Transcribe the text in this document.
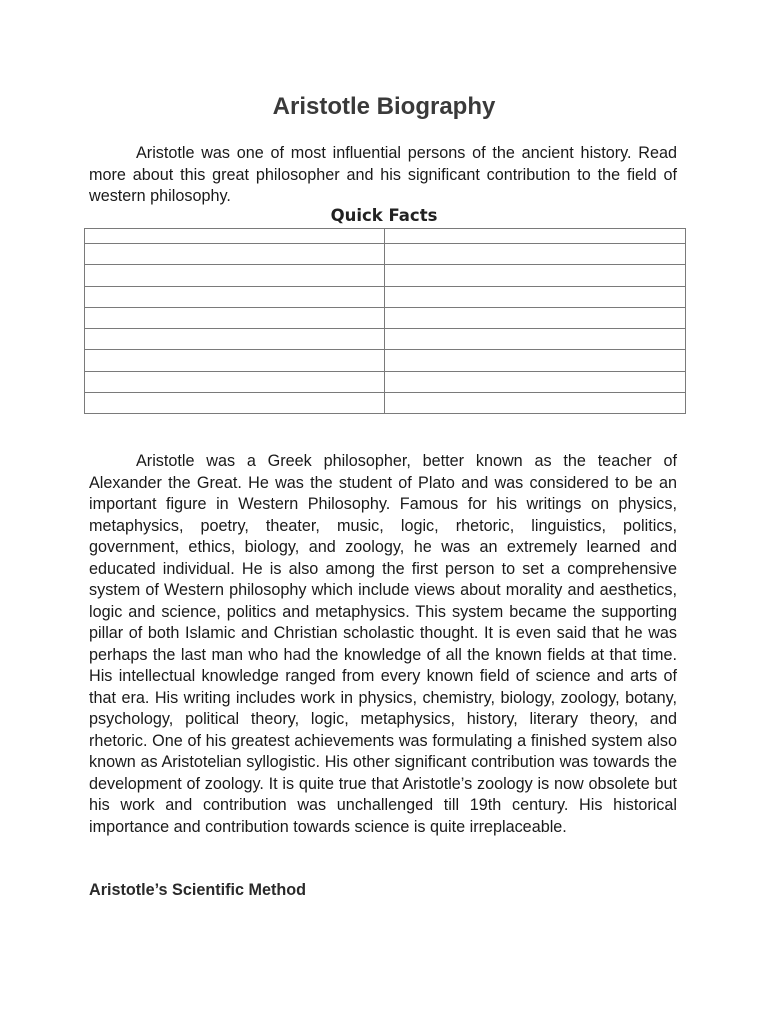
Aristotle Biography

Aristotle was one of most influential persons of the ancient history. Read more about this great philosopher and his significant contribution to the field of western philosophy.

Quick Facts

Aristotle was a Greek philosopher, better known as the teacher of Alexander the Great. He was the student of Plato and was considered to be an important figure in Western Philosophy. Famous for his writings on physics, metaphysics, poetry, theater, music, logic, rhetoric, linguistics, politics, government, ethics, biology, and zoology, he was an extremely learned and educated individual. He is also among the first person to set a comprehensive system of Western philosophy which include views about morality and aesthetics, logic and science, politics and metaphysics. This system became the supporting pillar of both Islamic and Christian scholastic thought. It is even said that he was perhaps the last man who had the knowledge of all the known fields at that time. His intellectual knowledge ranged from every known field of science and arts of that era. His writing includes work in physics, chemistry, biology, zoology, botany, psychology, political theory, logic, metaphysics, history, literary theory, and rhetoric. One of his greatest achievements was formulating a finished system also known as Aristotelian syllogistic. His other significant contribution was towards the development of zoology. It is quite true that Aristotle’s zoology is now obsolete but his work and contribution was unchallenged till 19th century. His historical importance and contribution towards science is quite irreplaceable.

Aristotle’s Scientific Method
